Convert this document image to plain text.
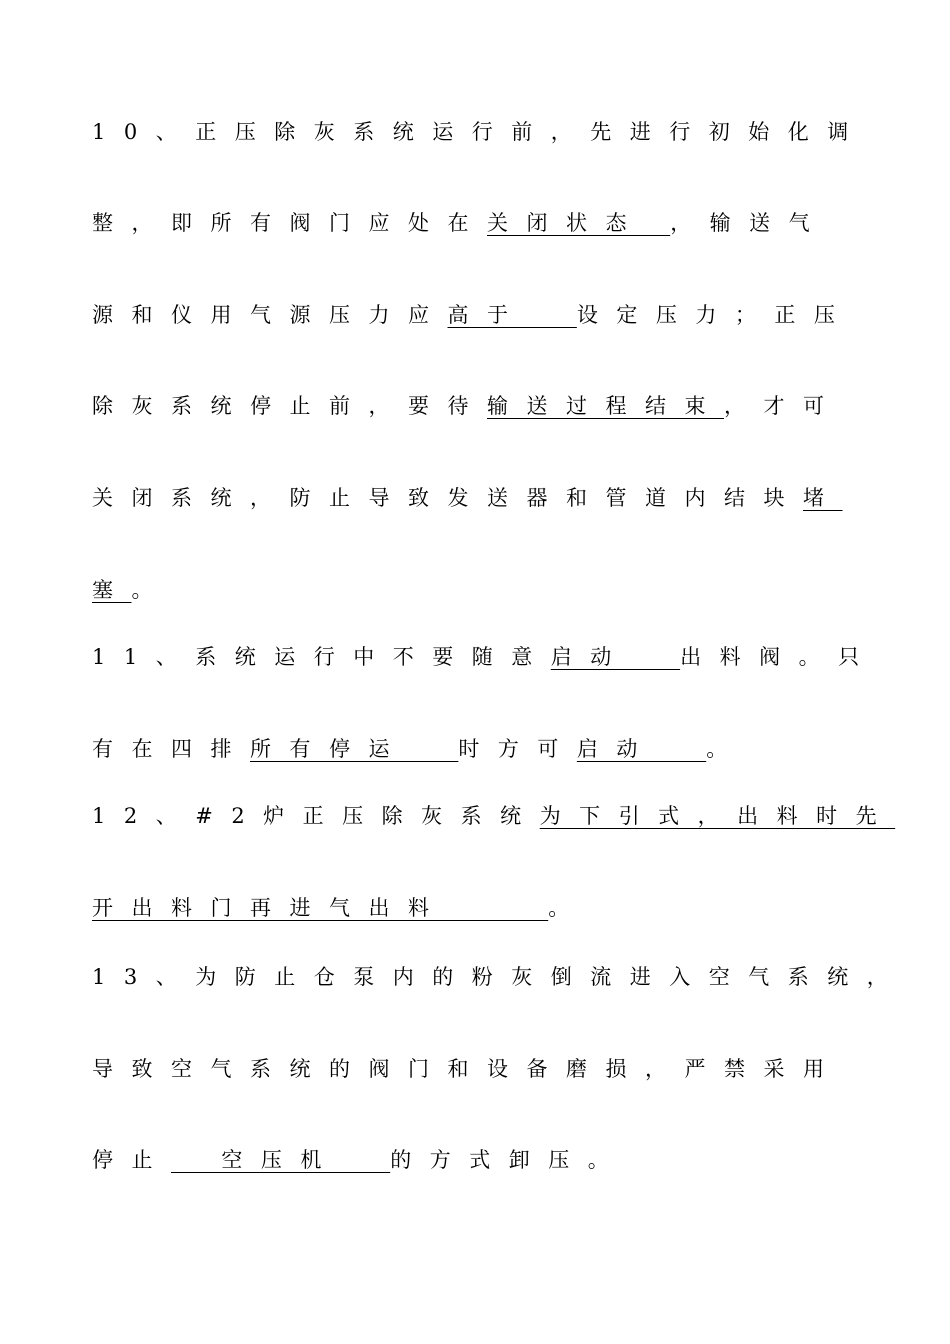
10、正压除灰系统运行前，先进行初始化调
整，即所有阀门应处在关闭状态 ，输送气
源和仪用气源压力应高于  设定压力；正压
除灰系统停止前，要待输送过程结束，才可
关闭系统，防止导致发送器和管道内结块堵
塞。
11、系统运行中不要随意启动  出料阀。只
有在四排所有停运  时方可启动  。
12、#2炉正压除灰系统为下引式，出料时先
开出料门再进气出料    。
13、为防止仓泵内的粉灰倒流进入空气系统，
导致空气系统的阀门和设备磨损，严禁采用
停止  空压机  的方式卸压。
